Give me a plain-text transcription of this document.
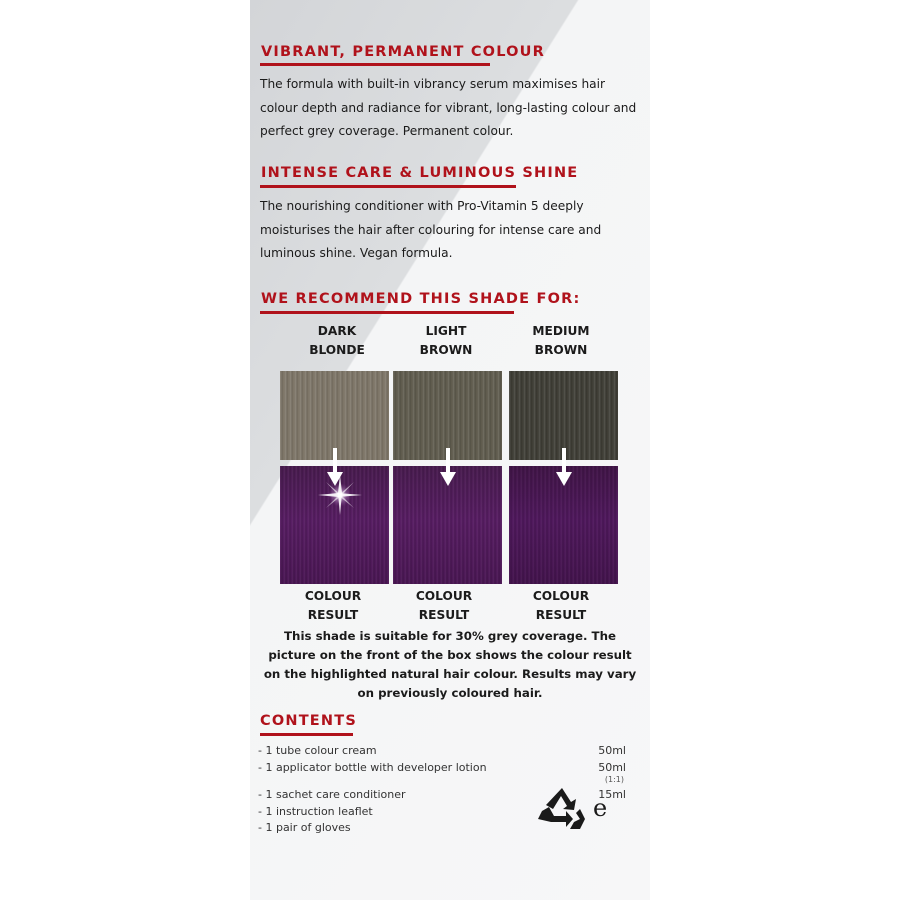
VIBRANT, PERMANENT COLOUR

The formula with built-in vibrancy serum maximises hair colour depth and radiance for vibrant, long-lasting colour and perfect grey coverage. Permanent colour.

INTENSE CARE & LUMINOUS SHINE

The nourishing conditioner with Pro-Vitamin 5 deeply moisturises the hair after colouring for intense care and luminous shine. Vegan formula.

WE RECOMMEND THIS SHADE FOR:
DARK
BLONDE
LIGHT
BROWN
MEDIUM
BROWN
COLOUR
RESULT
COLOUR
RESULT
COLOUR
RESULT

This shade is suitable for 30% grey coverage. The picture on the front of the box shows the colour result on the highlighted natural hair colour. Results may vary on previously coloured hair.

CONTENTS

- 1 tube colour cream	50ml

- 1 applicator bottle with developer lotion	50ml

(1:1)

- 1 sachet care conditioner	15ml

- 1 instruction leaflet

- 1 pair of gloves

e
